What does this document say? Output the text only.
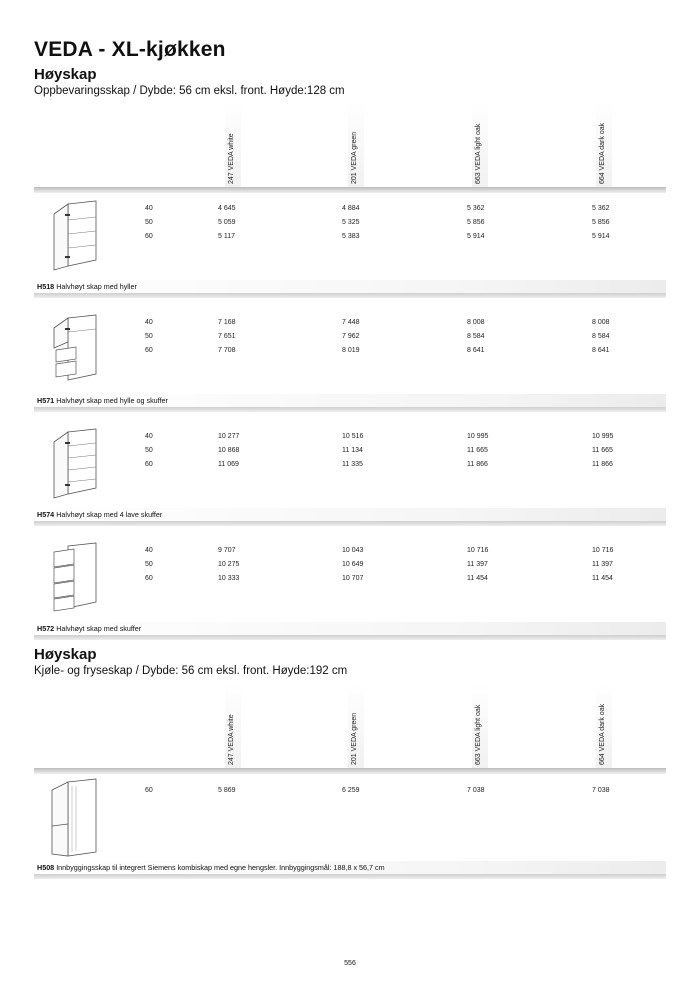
VEDA - XL-kjøkken
Høyskap
Oppbevaringsskap / Dybde: 56 cm eksl. front. Høyde:128 cm
247 VEDA white	201 VEDA green	663 VEDA light oak	664 VEDA dark oak
40	4 645	4 884	5 362	5 362
50	5 059	5 325	5 856	5 856
60	5 117	5 383	5 914	5 914
H518 Halvhøyt skap med hyller
40	7 168	7 448	8 008	8 008
50	7 651	7 962	8 584	8 584
60	7 708	8 019	8 641	8 641
H571 Halvhøyt skap med hylle og skuffer
40	10 277	10 516	10 995	10 995
50	10 868	11 134	11 665	11 665
60	11 069	11 335	11 866	11 866
H574 Halvhøyt skap med 4 lave skuffer
40	9 707	10 043	10 716	10 716
50	10 275	10 649	11 397	11 397
60	10 333	10 707	11 454	11 454
H572 Halvhøyt skap med skuffer
Høyskap
Kjøle- og fryseskap / Dybde: 56 cm eksl. front. Høyde:192 cm
247 VEDA white	201 VEDA green	663 VEDA light oak	664 VEDA dark oak
60	5 869	6 259	7 038	7 038
H508 Innbyggingsskap til integrert Siemens kombiskap med egne hengsler. Innbyggingsmål: 188,8 x 56,7 cm
556
